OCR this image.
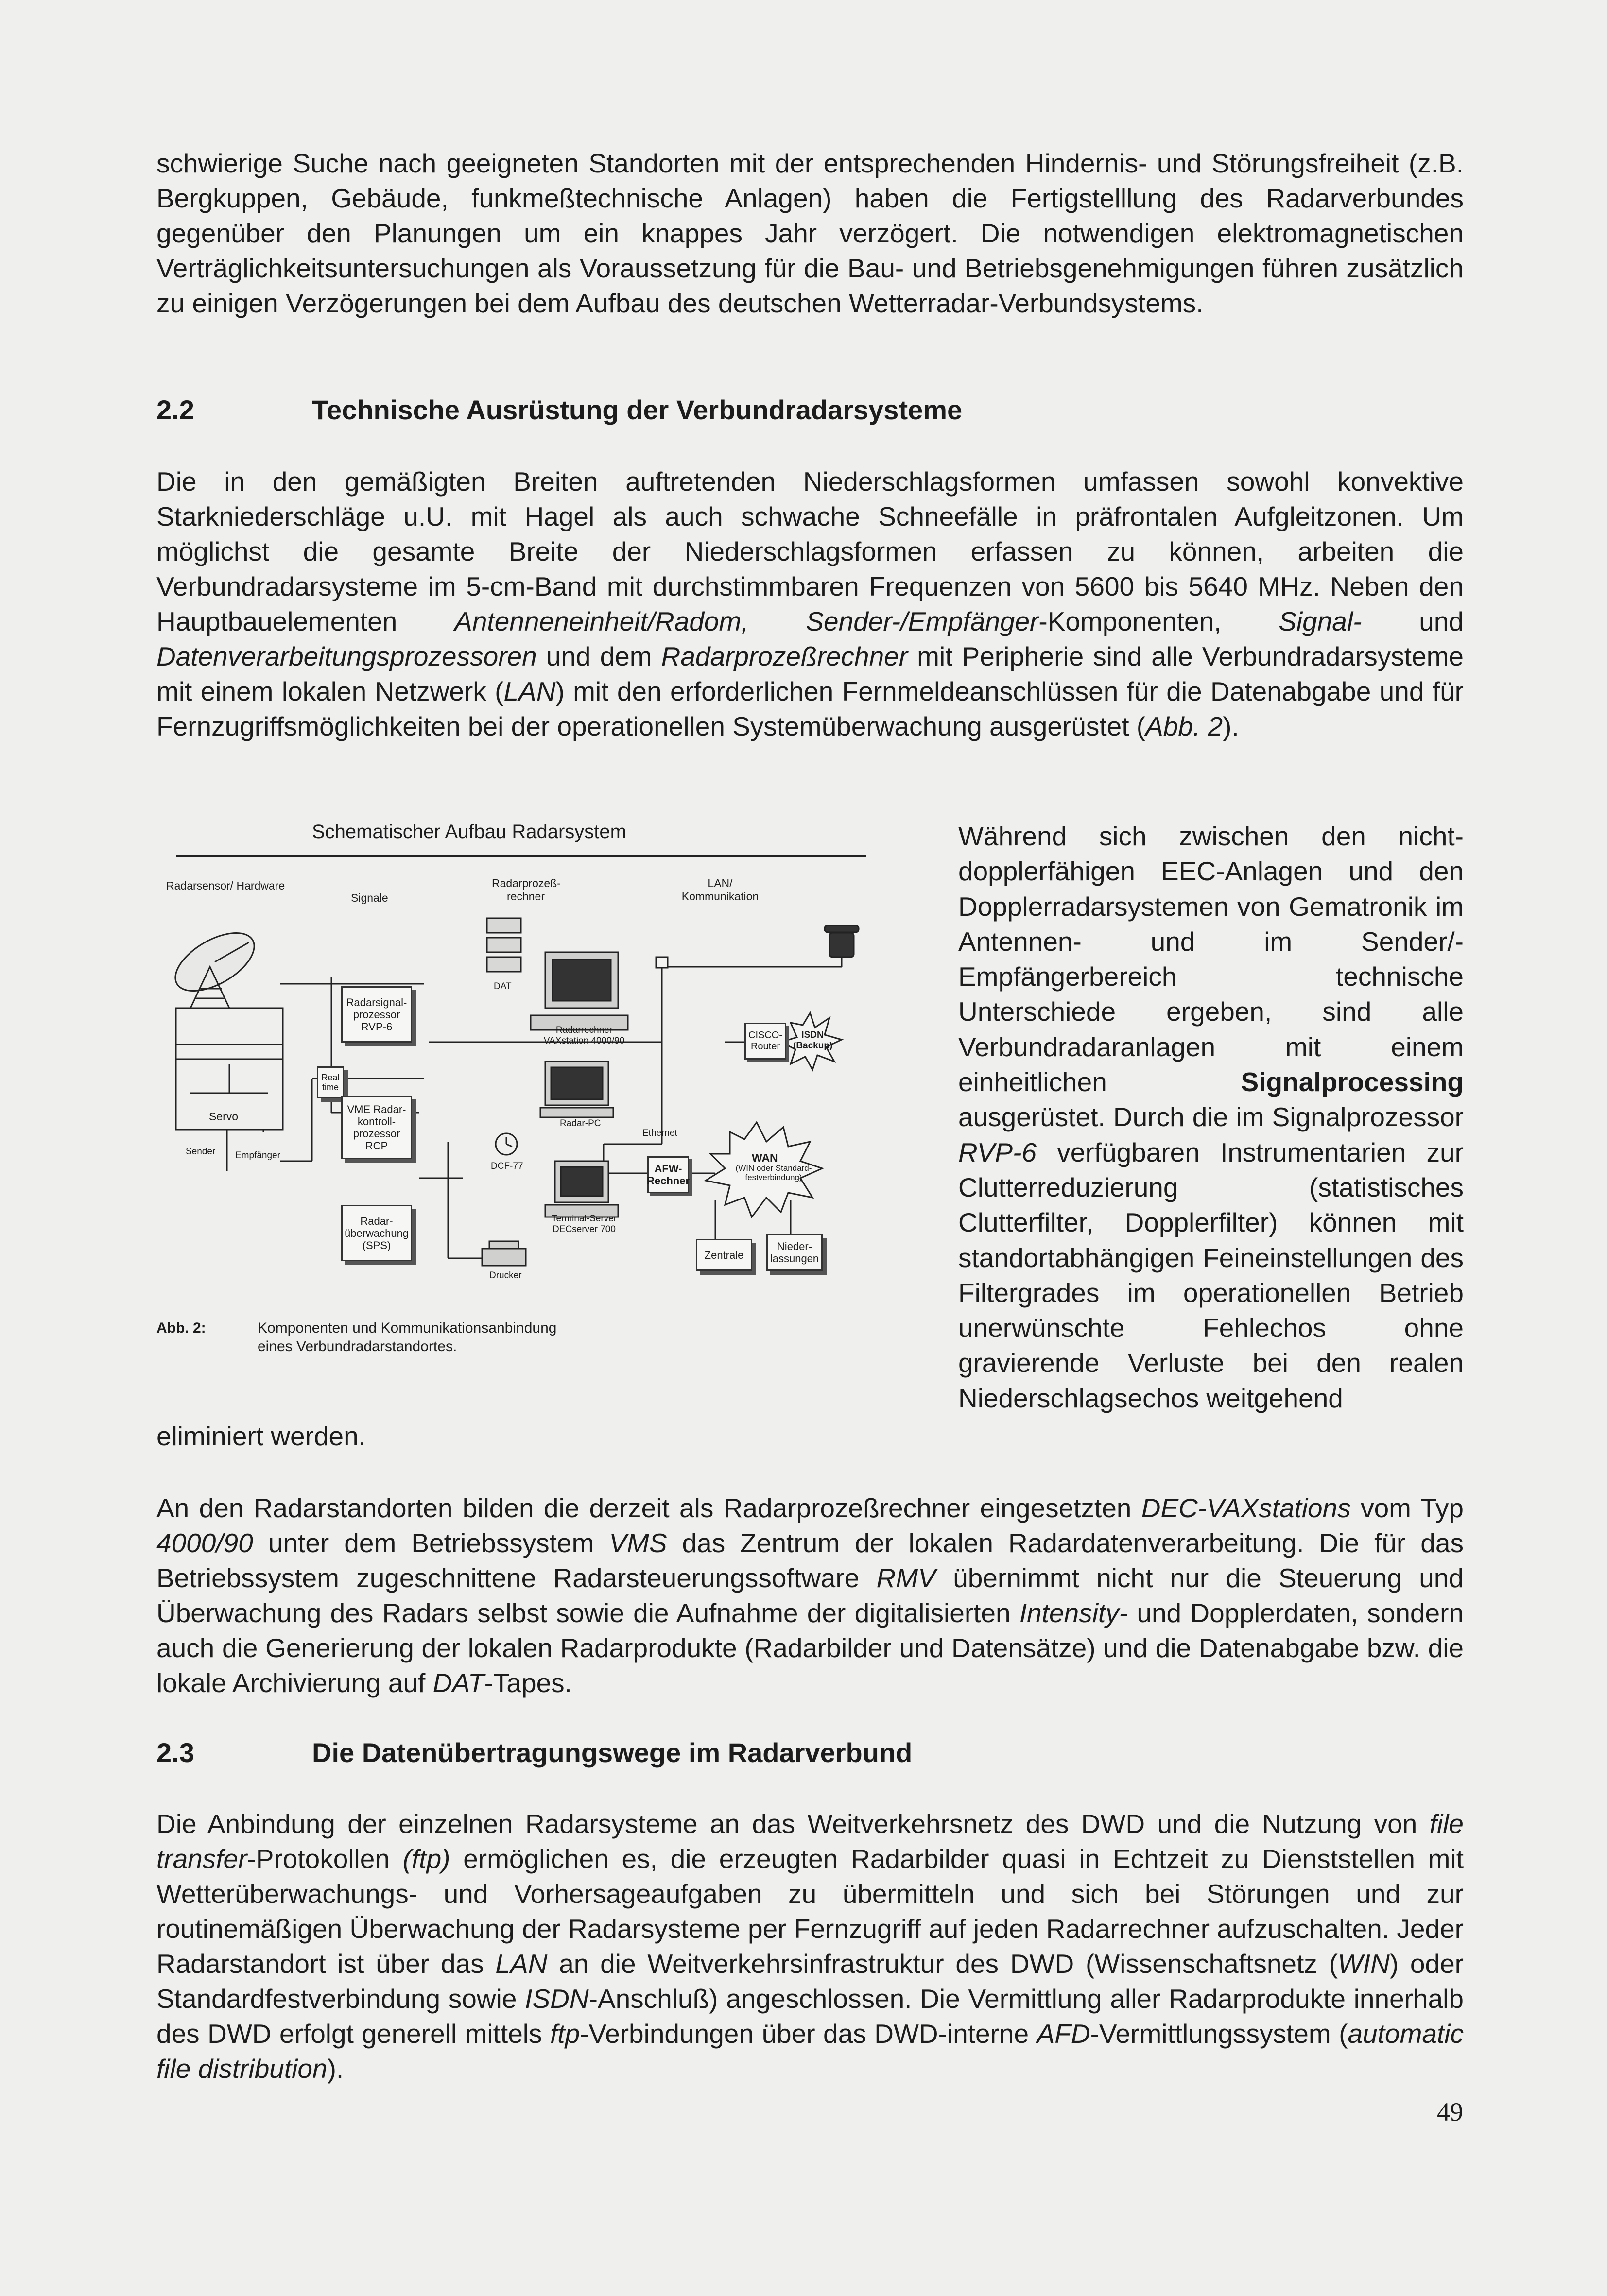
schwierige Suche nach geeigneten Standorten mit der entsprechenden Hindernis- und Störungsfreiheit (z.B. Bergkuppen, Gebäude, funkmeßtechnische Anlagen) haben die Fertigstelllung des Radarverbundes gegenüber den Planungen um ein knappes Jahr verzögert. Die notwendigen elektromagnetischen Verträglichkeitsuntersuchungen als Voraussetzung für die Bau- und Betriebsgenehmigungen führen zusätzlich zu einigen Verzögerungen bei dem Aufbau des deutschen Wetterradar-Verbundsystems.

2.2	Technische Ausrüstung der Verbundradarsysteme

Die in den gemäßigten Breiten auftretenden Niederschlagsformen umfassen sowohl konvektive Starkniederschläge u.U. mit Hagel als auch schwache Schneefälle in präfrontalen Aufgleitzonen. Um möglichst die gesamte Breite der Niederschlagsformen erfassen zu können, arbeiten die Verbundradarsysteme im 5-cm-Band mit durchstimmbaren Frequenzen von 5600 bis 5640 MHz. Neben den Hauptbauelementen Antenneneinheit/Radom, Sender-/Empfänger-Komponenten, Signal- und Datenverarbeitungsprozessoren und dem Radarprozeßrechner mit Peripherie sind alle Verbundradarsysteme mit einem lokalen Netzwerk (LAN) mit den erforderlichen Fernmeldeanschlüssen für die Datenabgabe und für Fernzugriffsmöglichkeiten bei der operationellen Systemüberwachung ausgerüstet (Abb. 2).

Schematischer Aufbau Radarsystem
Radarsensor/ Hardware
Signale
Radarprozeß- rechner
LAN/ Kommunikation
DAT
Radarsignal- prozessor RVP-6
Real time
VME Radar- kontroll- prozessor RCP
Radar- überwachung (SPS)
Servo
Sender Empfänger
Radarrechner VAXstation 4000/90
Radar-PC
DCF-77
Terminal-Server DECserver 700
Drucker
Ethernet
CISCO- Router
ISDN (Backup)
WAN
(WIN oder Standard- festverbindung)
AFW- Rechner
Zentrale
Nieder- lassungen
Abb. 2:	Komponenten und Kommunikationsanbindung
eines Verbundradarstandortes.

Während sich zwischen den nicht-dopplerfähigen EEC-Anlagen und den Dopplerradarsystemen von Gematronik im Antennen- und im Sender/-Empfängerbereich technische Unterschiede ergeben, sind alle Verbundradaranlagen mit einem einheitlichen Signalprocessing ausgerüstet. Durch die im Signalprozessor RVP-6 verfügbaren Instrumentarien zur Clutterreduzierung (statistisches Clutterfilter, Dopplerfilter) können mit standortabhängigen Feineinstellungen des Filtergrades im operationellen Betrieb unerwünschte Fehlechos ohne gravierende Verluste bei den realen Niederschlagsechos weitgehend

eliminiert werden.

An den Radarstandorten bilden die derzeit als Radarprozeßrechner eingesetzten DEC-VAXstations vom Typ 4000/90 unter dem Betriebssystem VMS das Zentrum der lokalen Radardatenverarbeitung. Die für das Betriebssystem zugeschnittene Radarsteuerungssoftware RMV übernimmt nicht nur die Steuerung und Überwachung des Radars selbst sowie die Aufnahme der digitalisierten Intensity- und Dopplerdaten, sondern auch die Generierung der lokalen Radarprodukte (Radarbilder und Datensätze) und die Datenabgabe bzw. die lokale Archivierung auf DAT-Tapes.

2.3	Die Datenübertragungswege im Radarverbund

Die Anbindung der einzelnen Radarsysteme an das Weitverkehrsnetz des DWD und die Nutzung von file transfer-Protokollen (ftp) ermöglichen es, die erzeugten Radarbilder quasi in Echtzeit zu Dienststellen mit Wetterüberwachungs- und Vorhersageaufgaben zu übermitteln und sich bei Störungen und zur routinemäßigen Überwachung der Radarsysteme per Fernzugriff auf jeden Radarrechner aufzuschalten. Jeder Radarstandort ist über das LAN an die Weitverkehrsinfrastruktur des DWD (Wissenschaftsnetz (WIN) oder Standardfestverbindung sowie ISDN-Anschluß) angeschlossen. Die Vermittlung aller Radarprodukte innerhalb des DWD erfolgt generell mittels ftp-Verbindungen über das DWD-interne AFD-Vermittlungssystem (automatic file distribution).

49
